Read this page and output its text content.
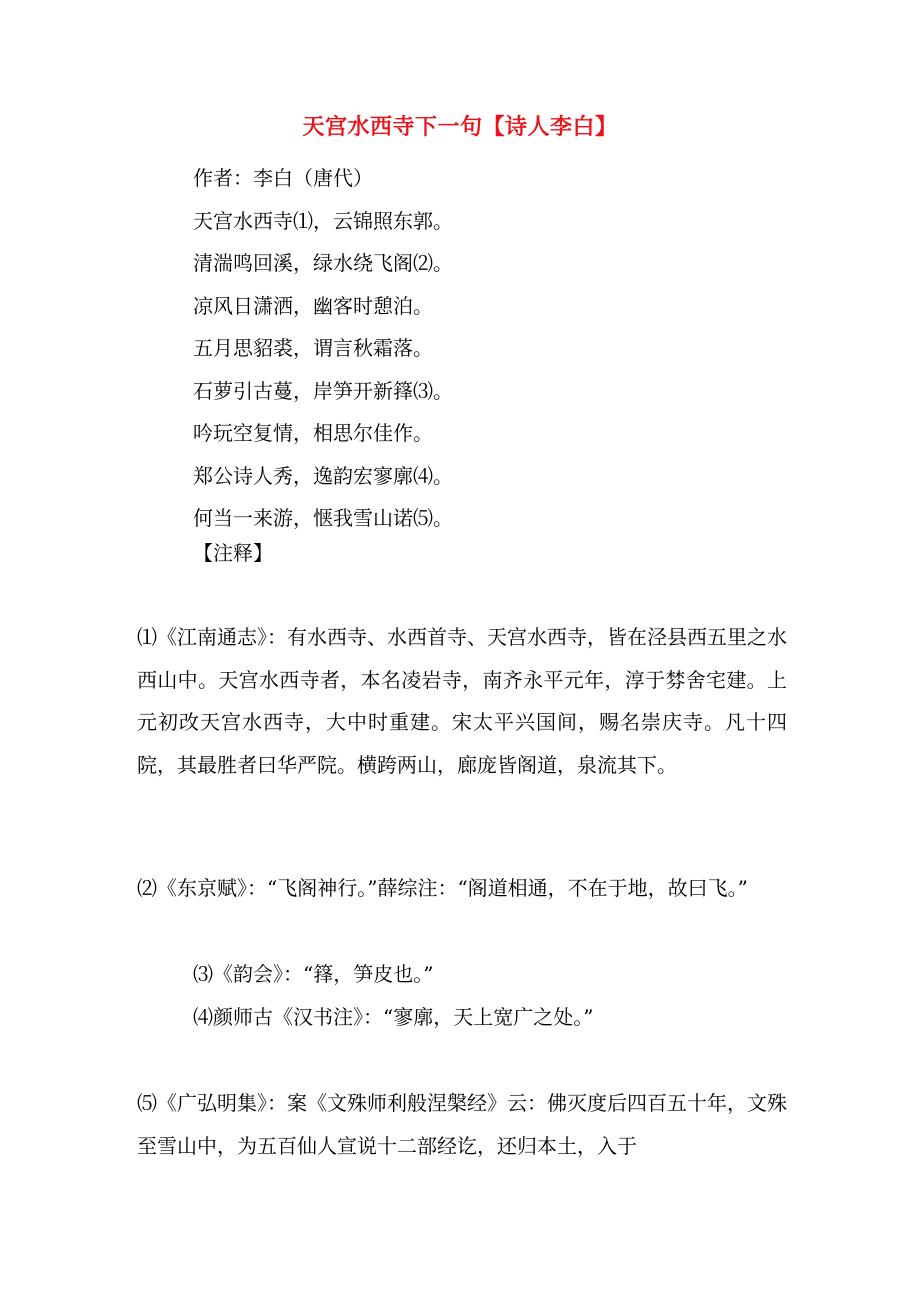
天宫水西寺下一句【诗人李白】
作者：李白（唐代）
天宫水西寺⑴，云锦照东郭。
清湍鸣回溪，绿水绕飞阁⑵。
凉风日潇洒，幽客时憩泊。
五月思貂裘，谓言秋霜落。
石萝引古蔓，岸笋开新箨⑶。
吟玩空复情，相思尔佳作。
郑公诗人秀，逸韵宏寥廓⑷。
何当一来游，惬我雪山诺⑸。
【注释】
⑴《江南通志》：有水西寺、水西首寺、天宫水西寺，皆在泾县西五里之水西山中。天宫水西寺者，本名凌岩寺，南齐永平元年，淳于棼舍宅建。上元初改天宫水西寺，大中时重建。宋太平兴国间，赐名崇庆寺。凡十四院，其最胜者曰华严院。横跨两山，廊庞皆阁道，泉流其下。
⑵《东京赋》：“飞阁神行。”薛综注：“阁道相通，不在于地，故曰飞。”
⑶《韵会》：“箨，笋皮也。”
⑷颜师古《汉书注》：“寥廓，天上宽广之处。”
⑸《广弘明集》：案《文殊师利般涅槃经》云：佛灭度后四百五十年，文殊至雪山中，为五百仙人宣说十二部经讫，还归本土，入于
